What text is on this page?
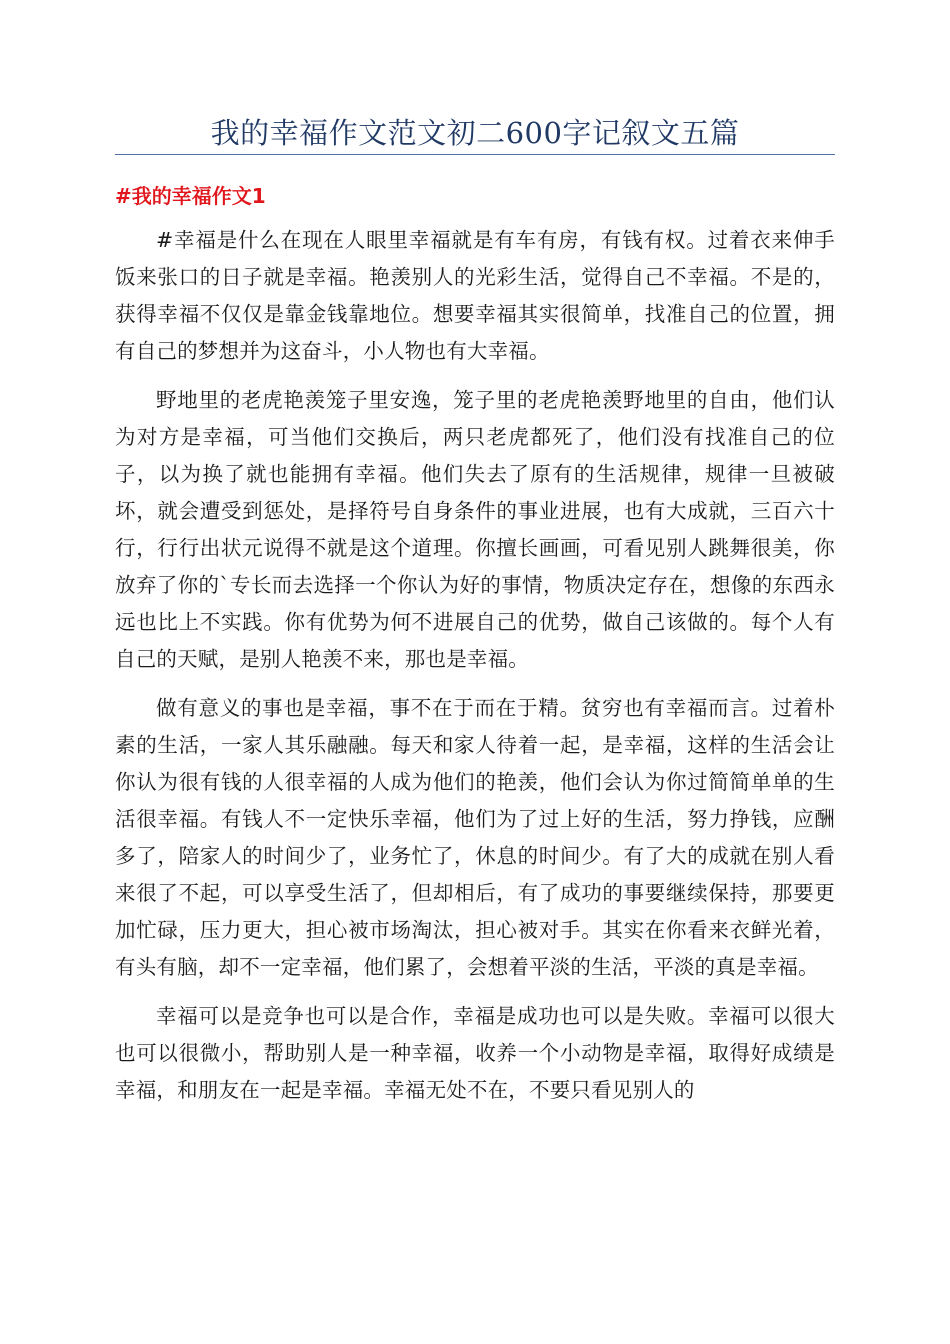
我的幸福作文范文初二600字记叙文五篇
#我的幸福作文1

#幸福是什么在现在人眼里幸福就是有车有房，有钱有权。过着衣来伸手饭来张口的日子就是幸福。艳羡别人的光彩生活，觉得自己不幸福。不是的，获得幸福不仅仅是靠金钱靠地位。想要幸福其实很简单，找准自己的位置，拥有自己的梦想并为这奋斗，小人物也有大幸福。

野地里的老虎艳羡笼子里安逸，笼子里的老虎艳羡野地里的自由，他们认为对方是幸福，可当他们交换后，两只老虎都死了，他们没有找准自己的位子，以为换了就也能拥有幸福。他们失去了原有的生活规律，规律一旦被破坏，就会遭受到惩处，是择符号自身条件的事业进展，也有大成就，三百六十行，行行出状元说得不就是这个道理。你擅长画画，可看见别人跳舞很美，你放弃了你的`专长而去选择一个你认为好的事情，物质决定存在，想像的东西永远也比上不实践。你有优势为何不进展自己的优势，做自己该做的。每个人有自己的天赋，是别人艳羡不来，那也是幸福。

做有意义的事也是幸福，事不在于而在于精。贫穷也有幸福而言。过着朴素的生活，一家人其乐融融。每天和家人待着一起，是幸福，这样的生活会让你认为很有钱的人很幸福的人成为他们的艳羡，他们会认为你过简简单单的生活很幸福。有钱人不一定快乐幸福，他们为了过上好的生活，努力挣钱，应酬多了，陪家人的时间少了，业务忙了，休息的时间少。有了大的成就在别人看来很了不起，可以享受生活了，但却相后，有了成功的事要继续保持，那要更加忙碌，压力更大，担心被市场淘汰，担心被对手。其实在你看来衣鲜光着，有头有脑，却不一定幸福，他们累了，会想着平淡的生活，平淡的真是幸福。

幸福可以是竞争也可以是合作，幸福是成功也可以是失败。幸福可以很大也可以很微小，帮助别人是一种幸福，收养一个小动物是幸福，取得好成绩是幸福，和朋友在一起是幸福。幸福无处不在，不要只看见别人的
